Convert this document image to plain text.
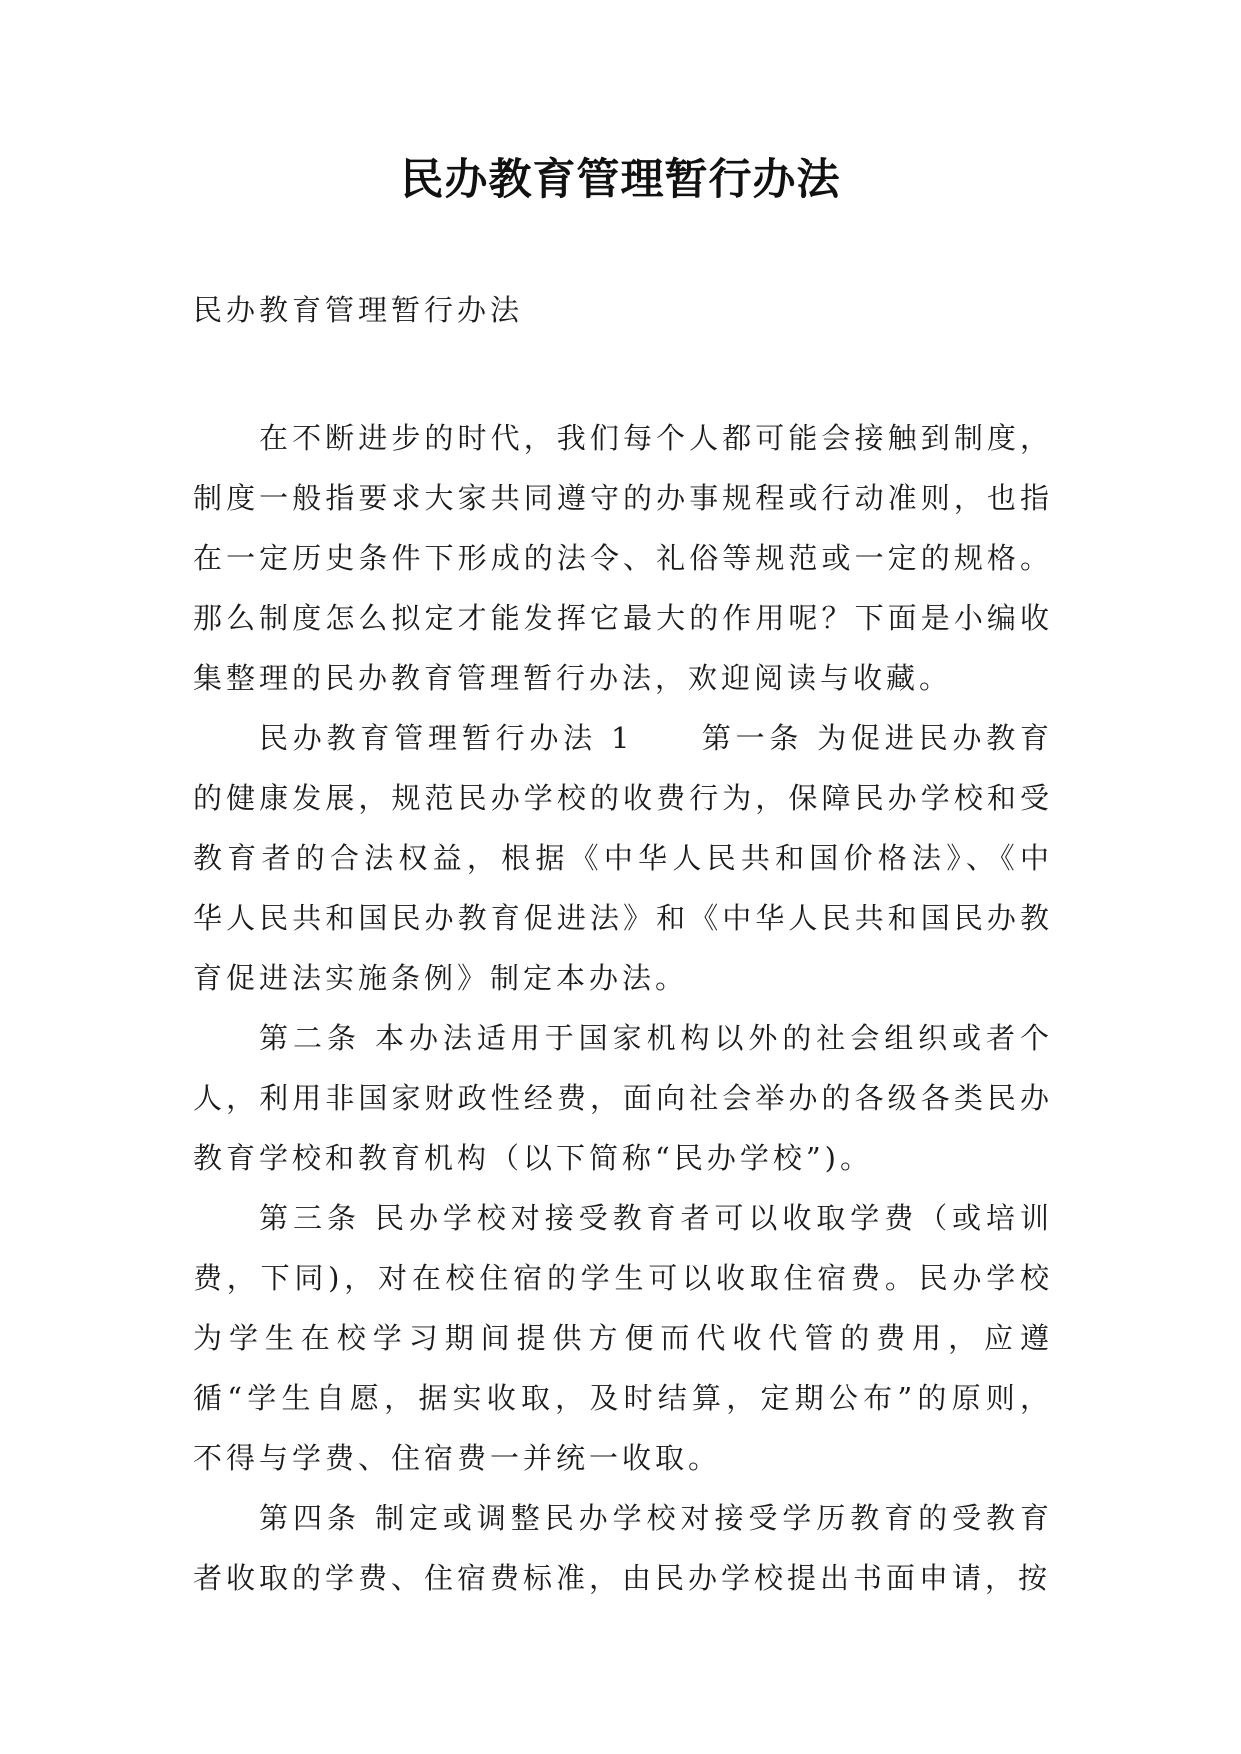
民办教育管理暂行办法

民办教育管理暂行办法

在不断进步的时代，我们每个人都可能会接触到制度，制度一般指要求大家共同遵守的办事规程或行动准则，也指在一定历史条件下形成的法令、礼俗等规范或一定的规格。那么制度怎么拟定才能发挥它最大的作用呢？下面是小编收集整理的民办教育管理暂行办法，欢迎阅读与收藏。

民办教育管理暂行办法 1　　第一条 为促进民办教育的健康发展，规范民办学校的收费行为，保障民办学校和受教育者的合法权益，根据《中华人民共和国价格法》、《中华人民共和国民办教育促进法》和《中华人民共和国民办教育促进法实施条例》制定本办法。

第二条 本办法适用于国家机构以外的社会组织或者个人，利用非国家财政性经费，面向社会举办的各级各类民办教育学校和教育机构（以下简称“民办学校”)。

第三条 民办学校对接受教育者可以收取学费（或培训费，下同)，对在校住宿的学生可以收取住宿费。民办学校为学生在校学习期间提供方便而代收代管的费用，应遵循“学生自愿，据实收取，及时结算，定期公布”的原则，不得与学费、住宿费一并统一收取。

第四条 制定或调整民办学校对接受学历教育的受教育者收取的学费、住宿费标准，由民办学校提出书面申请，按
